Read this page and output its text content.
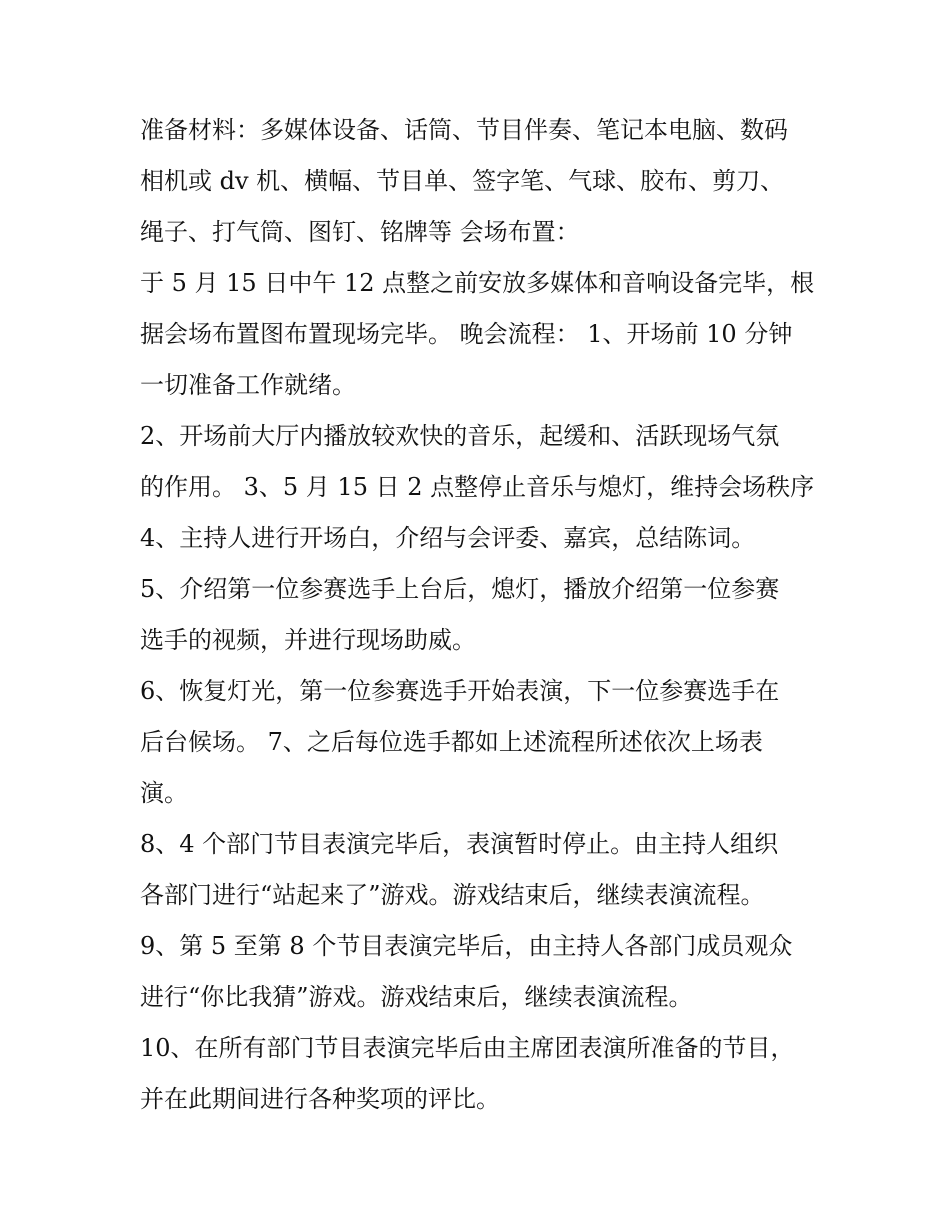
准备材料：多媒体设备、话筒、节目伴奏、笔记本电脑、数码
相机或 dv 机、横幅、节目单、签字笔、气球、胶布、剪刀、
绳子、打气筒、图钉、铭牌等 会场布置：
于 5 月 15 日中午 12 点整之前安放多媒体和音响设备完毕，根
据会场布置图布置现场完毕。 晚会流程： 1、开场前 10 分钟
一切准备工作就绪。
2、开场前大厅内播放较欢快的音乐，起缓和、活跃现场气氛
的作用。 3、5 月 15 日 2 点整停止音乐与熄灯，维持会场秩序
4、主持人进行开场白，介绍与会评委、嘉宾，总结陈词。
5、介绍第一位参赛选手上台后，熄灯，播放介绍第一位参赛
选手的视频，并进行现场助威。
6、恢复灯光，第一位参赛选手开始表演，下一位参赛选手在
后台候场。 7、之后每位选手都如上述流程所述依次上场表
演。
8、4 个部门节目表演完毕后，表演暂时停止。由主持人组织
各部门进行“站起来了”游戏。游戏结束后，继续表演流程。
9、第 5 至第 8 个节目表演完毕后，由主持人各部门成员观众
进行“你比我猜”游戏。游戏结束后，继续表演流程。
10、在所有部门节目表演完毕后由主席团表演所准备的节目，
并在此期间进行各种奖项的评比。
